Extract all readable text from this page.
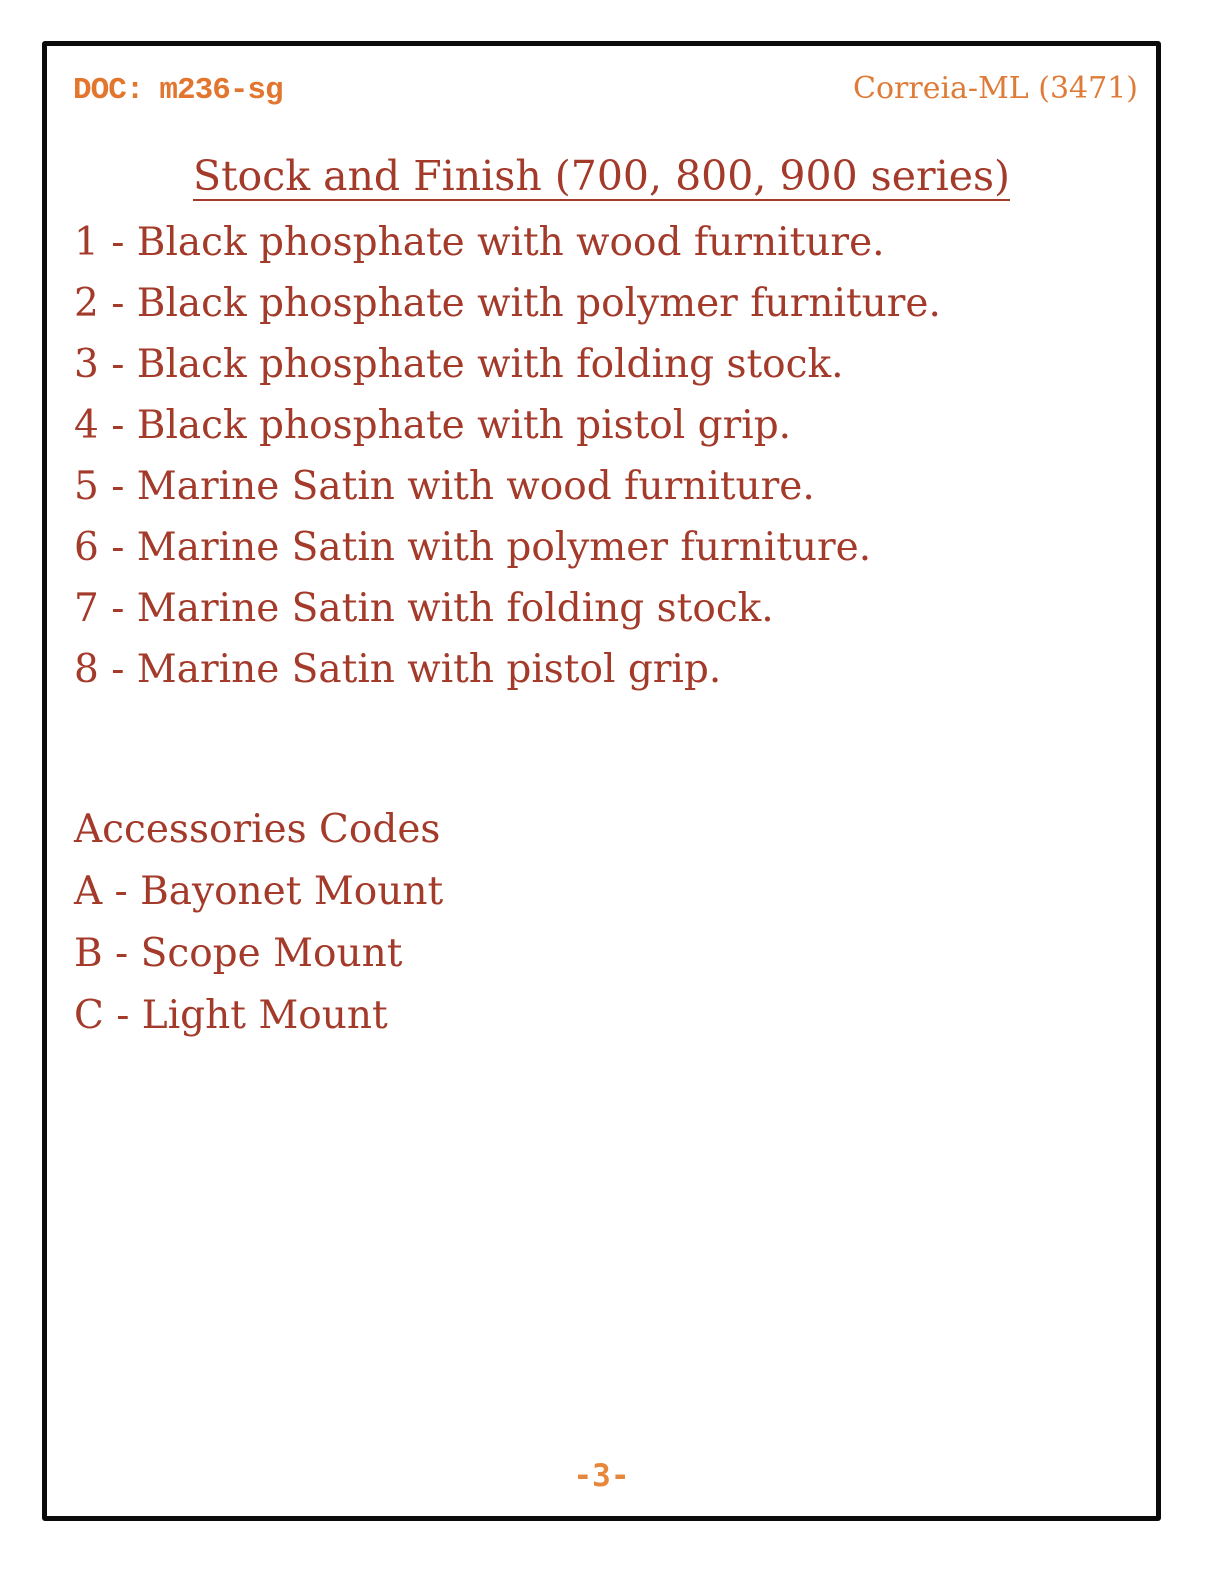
DOC: m236-sg	Correia-ML (3471)
Stock and Finish (700, 800, 900 series)
1 - Black phosphate with wood furniture.
2 - Black phosphate with polymer furniture.
3 - Black phosphate with folding stock.
4 - Black phosphate with pistol grip.
5 - Marine Satin with wood furniture.
6 - Marine Satin with polymer furniture.
7 - Marine Satin with folding stock.
8 - Marine Satin with pistol grip.
Accessories Codes
A - Bayonet Mount
B - Scope Mount
C - Light Mount
-3-
